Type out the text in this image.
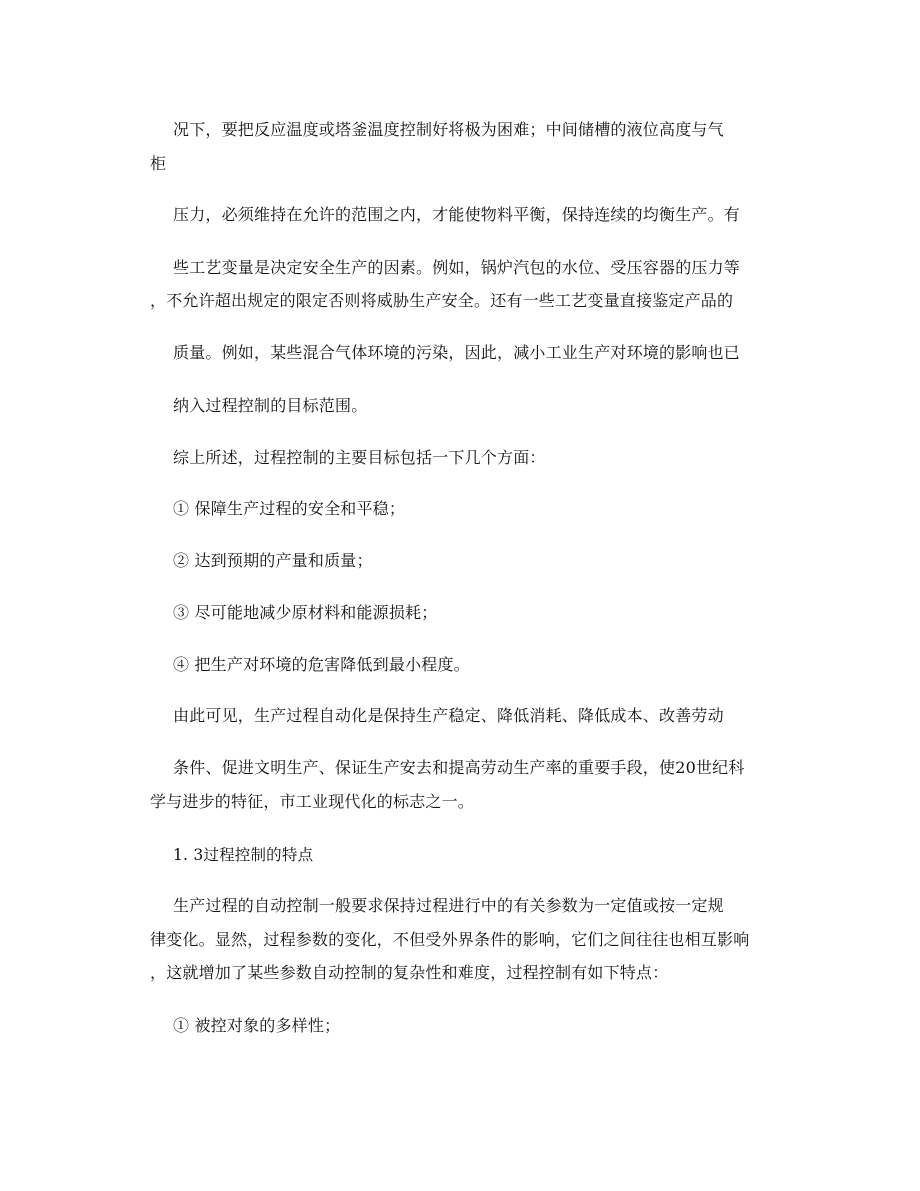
况下，要把反应温度或塔釜温度控制好将极为困难；中间储槽的液位高度与气

柜

压力，必须维持在允许的范围之内，才能使物料平衡，保持连续的均衡生产。有

些工艺变量是决定安全生产的因素。例如，锅炉汽包的水位、受压容器的压力等

，不允许超出规定的限定否则将威胁生产安全。还有一些工艺变量直接鉴定产品的

质量。例如，某些混合气体环境的污染，因此，减小工业生产对环境的影响也已

纳入过程控制的目标范围。

综上所述，过程控制的主要目标包括一下几个方面：

① 保障生产过程的安全和平稳；

② 达到预期的产量和质量；

③ 尽可能地减少原材料和能源损耗；

④ 把生产对环境的危害降低到最小程度。

由此可见，生产过程自动化是保持生产稳定、降低消耗、降低成本、改善劳动

条件、促进文明生产、保证生产安去和提高劳动生产率的重要手段，使20世纪科

学与进步的特征，市工业现代化的标志之一。

1. 3过程控制的特点

生产过程的自动控制一般要求保持过程进行中的有关参数为一定值或按一定规

律变化。显然，过程参数的变化，不但受外界条件的影响，它们之间往往也相互影响

，这就增加了某些参数自动控制的复杂性和难度，过程控制有如下特点：

① 被控对象的多样性；
